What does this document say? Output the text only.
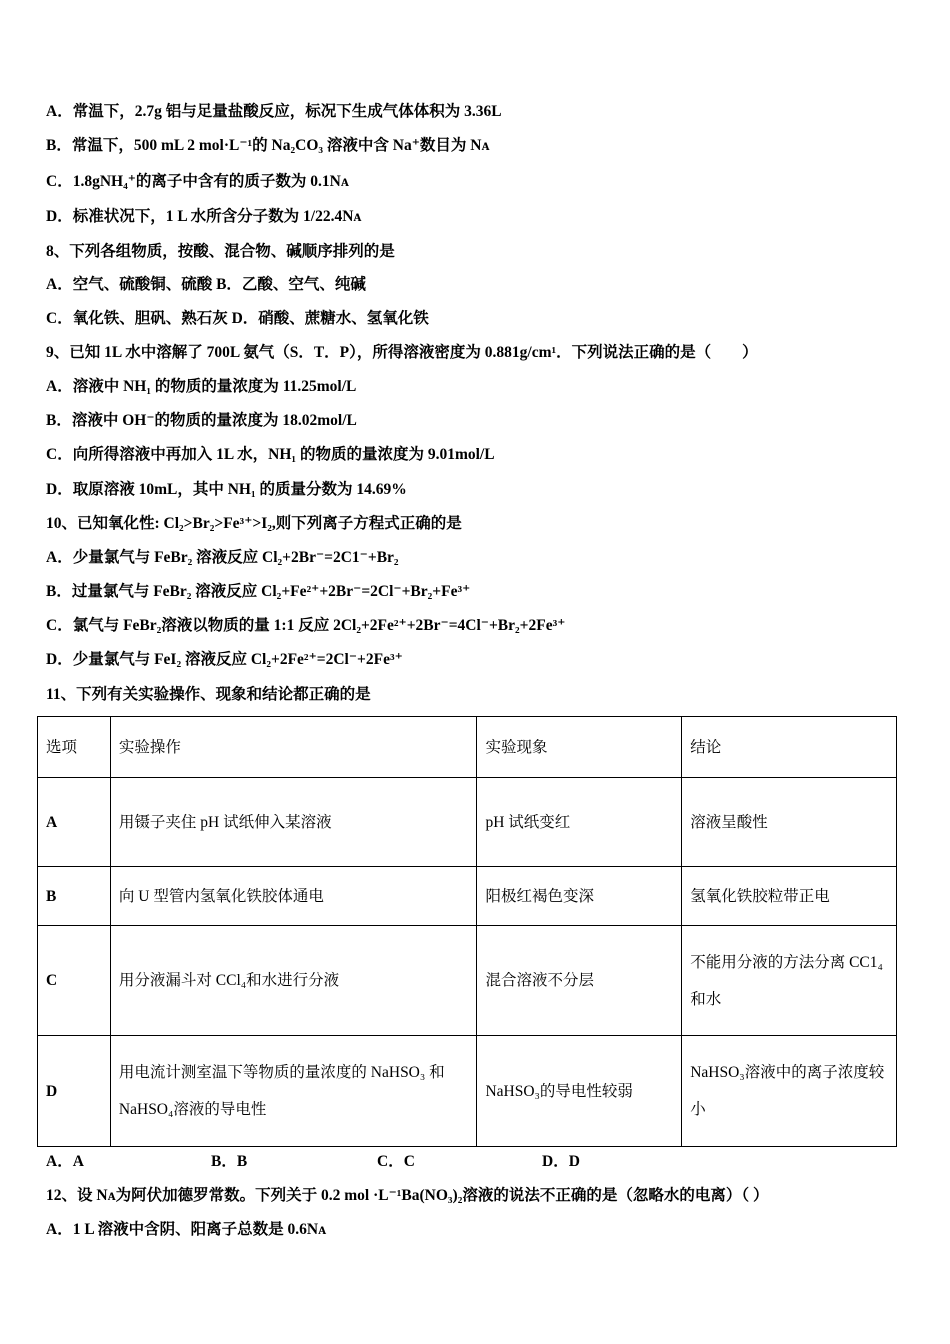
A．常温下，2.7g 铝与足量盐酸反应，标况下生成气体体积为 3.36L
B．常温下，500 mL 2 mol·L⁻¹的 Na₂CO₃ 溶液中含 Na⁺数目为 Nᴀ
C．1.8gNH₄⁺的离子中含有的质子数为 0.1Nᴀ
D．标准状况下，1 L 水所含分子数为 1/22.4Nᴀ
8、下列各组物质，按酸、混合物、碱顺序排列的是
A．空气、硫酸铜、硫酸 B．乙酸、空气、纯碱
C．氧化铁、胆矾、熟石灰 D．硝酸、蔗糖水、氢氧化铁
9、已知 1L 水中溶解了 700L 氨气（S．T．P），所得溶液密度为 0.881g/cm¹．下列说法正确的是（　　）
A．溶液中 NH₁ 的物质的量浓度为 11.25mol/L
B．溶液中 OH⁻的物质的量浓度为 18.02mol/L
C．向所得溶液中再加入 1L 水，NH₁ 的物质的量浓度为 9.01mol/L
D．取原溶液 10mL，其中 NH₁ 的质量分数为 14.69%
10、已知氧化性: Cl₂>Br₂>Fe³⁺>I₂,则下列离子方程式正确的是
A．少量氯气与 FeBr₂ 溶液反应 Cl₂+2Br⁻=2C1⁻+Br₂
B．过量氯气与 FeBr₂ 溶液反应 Cl₂+Fe²⁺+2Br⁻=2Cl⁻+Br₂+Fe³⁺
C．氯气与 FeBr₂溶液以物质的量 1:1 反应 2Cl₂+2Fe²⁺+2Br⁻=4Cl⁻+Br₂+2Fe³⁺
D．少量氯气与 FeI₂ 溶液反应 Cl₂+2Fe²⁺=2Cl⁻+2Fe³⁺
11、下列有关实验操作、现象和结论都正确的是
选项	实验操作	实验现象	结论
A	用镊子夹住 pH 试纸伸入某溶液	pH 试纸变红	溶液呈酸性
B	向 U 型管内氢氧化铁胶体通电	阳极红褐色变深	氢氧化铁胶粒带正电
C	用分液漏斗对 CCl₄和水进行分液	混合溶液不分层	不能用分液的方法分离 CC1₄和水
D	用电流计测室温下等物质的量浓度的 NaHSO₃ 和 NaHSO₄溶液的导电性	NaHSO₃的导电性较弱	NaHSO₃溶液中的离子浓度较小
A．A	B．B	C．C	D．D
12、设 Nᴀ为阿伏加德罗常数。下列关于 0.2 mol ·L⁻¹Ba(NO₃)₂溶液的说法不正确的是（忽略水的电离）（ ）
A．1 L 溶液中含阴、阳离子总数是 0.6Nᴀ
